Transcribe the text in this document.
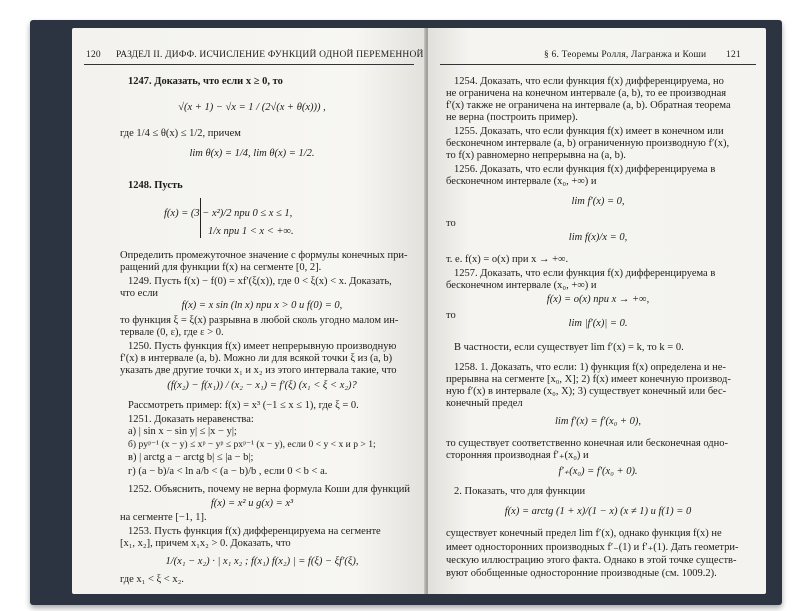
120 РАЗДЕЛ II. ДИФФ. ИСЧИСЛЕНИЕ ФУНКЦИЙ ОДНОЙ ПЕРЕМЕННОЙ
1247. Доказать, что если x ≥ 0, то
√(x + 1) − √x = 1 / (2√(x + θ(x))) ,
где 1/4 ≤ θ(x) ≤ 1/2, причем
lim θ(x) = 1/4, lim θ(x) = 1/2.
1248. Пусть
f(x) = (3 − x²)/2 при 0 ≤ x ≤ 1,
1/x при 1 < x < +∞.
Определить промежуточное значение c формулы конечных при-
ращений для функции f(x) на сегменте [0, 2].
1249. Пусть f(x) − f(0) = xf′(ξ(x)), где 0 < ξ(x) < x. Доказать,
что если
f(x) = x sin (ln x) при x > 0 и f(0) = 0,
то функция ξ = ξ(x) разрывна в любой сколь угодно малом ин-
тервале (0, ε), где ε > 0.
1250. Пусть функция f(x) имеет непрерывную производную
f′(x) в интервале (a, b). Можно ли для всякой точки ξ из (a, b)
указать две другие точки x₁ и x₂ из этого интервала такие, что
(f(x₂) − f(x₁)) / (x₂ − x₁) = f′(ξ) (x₁ < ξ < x₂)?
Рассмотреть пример: f(x) = x³ (−1 ≤ x ≤ 1), где ξ = 0.
1251. Доказать неравенства:
а) | sin x − sin y| ≤ |x − y|;
б) pyᵖ⁻¹ (x − y) ≤ xᵖ − yᵖ ≤ pxᵖ⁻¹ (x − y), если 0 < y < x и p > 1;
в) | arctg a − arctg b| ≤ |a − b|;
г) (a − b)/a < ln a/b < (a − b)/b , если 0 < b < a.
1252. Объяснить, почему не верна формула Коши для функций
f(x) = x² и g(x) = x³
на сегменте [−1, 1].
1253. Пусть функция f(x) дифференцируема на сегменте
[x₁, x₂], причем x₁x₂ > 0. Доказать, что
1/(x₁ − x₂) · | x₁ x₂ ; f(x₁) f(x₂) | = f(ξ) − ξf′(ξ),
где x₁ < ξ < x₂.
§ 6. Теоремы Ролля, Лагранжа и Коши 121
1254. Доказать, что если функция f(x) дифференцируема, но
не ограничена на конечном интервале (a, b), то ее производная
f′(x) также не ограничена на интервале (a, b). Обратная теорема
не верна (построить пример).
1255. Доказать, что если функция f(x) имеет в конечном или
бесконечном интервале (a, b) ограниченную производную f′(x),
то f(x) равномерно непрерывна на (a, b).
1256. Доказать, что если функция f(x) дифференцируема в
бесконечном интервале (x₀, +∞) и
lim f′(x) = 0,
то
lim f(x)/x = 0,
т. е. f(x) = o(x) при x → +∞.
1257. Доказать, что если функция f(x) дифференцируема в
бесконечном интервале (x₀, +∞) и
f(x) = o(x) при x → +∞,
то
lim |f′(x)| = 0.
В частности, если существует lim f′(x) = k, то k = 0.
1258. 1. Доказать, что если: 1) функция f(x) определена и не-
прерывна на сегменте [x₀, X]; 2) f(x) имеет конечную производ-
ную f′(x) в интервале (x₀, X); 3) существует конечный или бес-
конечный предел
lim f′(x) = f′(x₀ + 0),
то существует соответственно конечная или бесконечная одно-
сторонняя производная f′₊(x₀) и
f′₊(x₀) = f′(x₀ + 0).
2. Показать, что для функции
f(x) = arctg (1 + x)/(1 − x) (x ≠ 1) и f(1) = 0
существует конечный предел lim f′(x), однако функция f(x) не
имеет односторонних производных f′₋(1) и f′₊(1). Дать геометри-
ческую иллюстрацию этого факта. Однако в этой точке существ-
вуют обобщенные односторонние производные (см. 1009.2).
